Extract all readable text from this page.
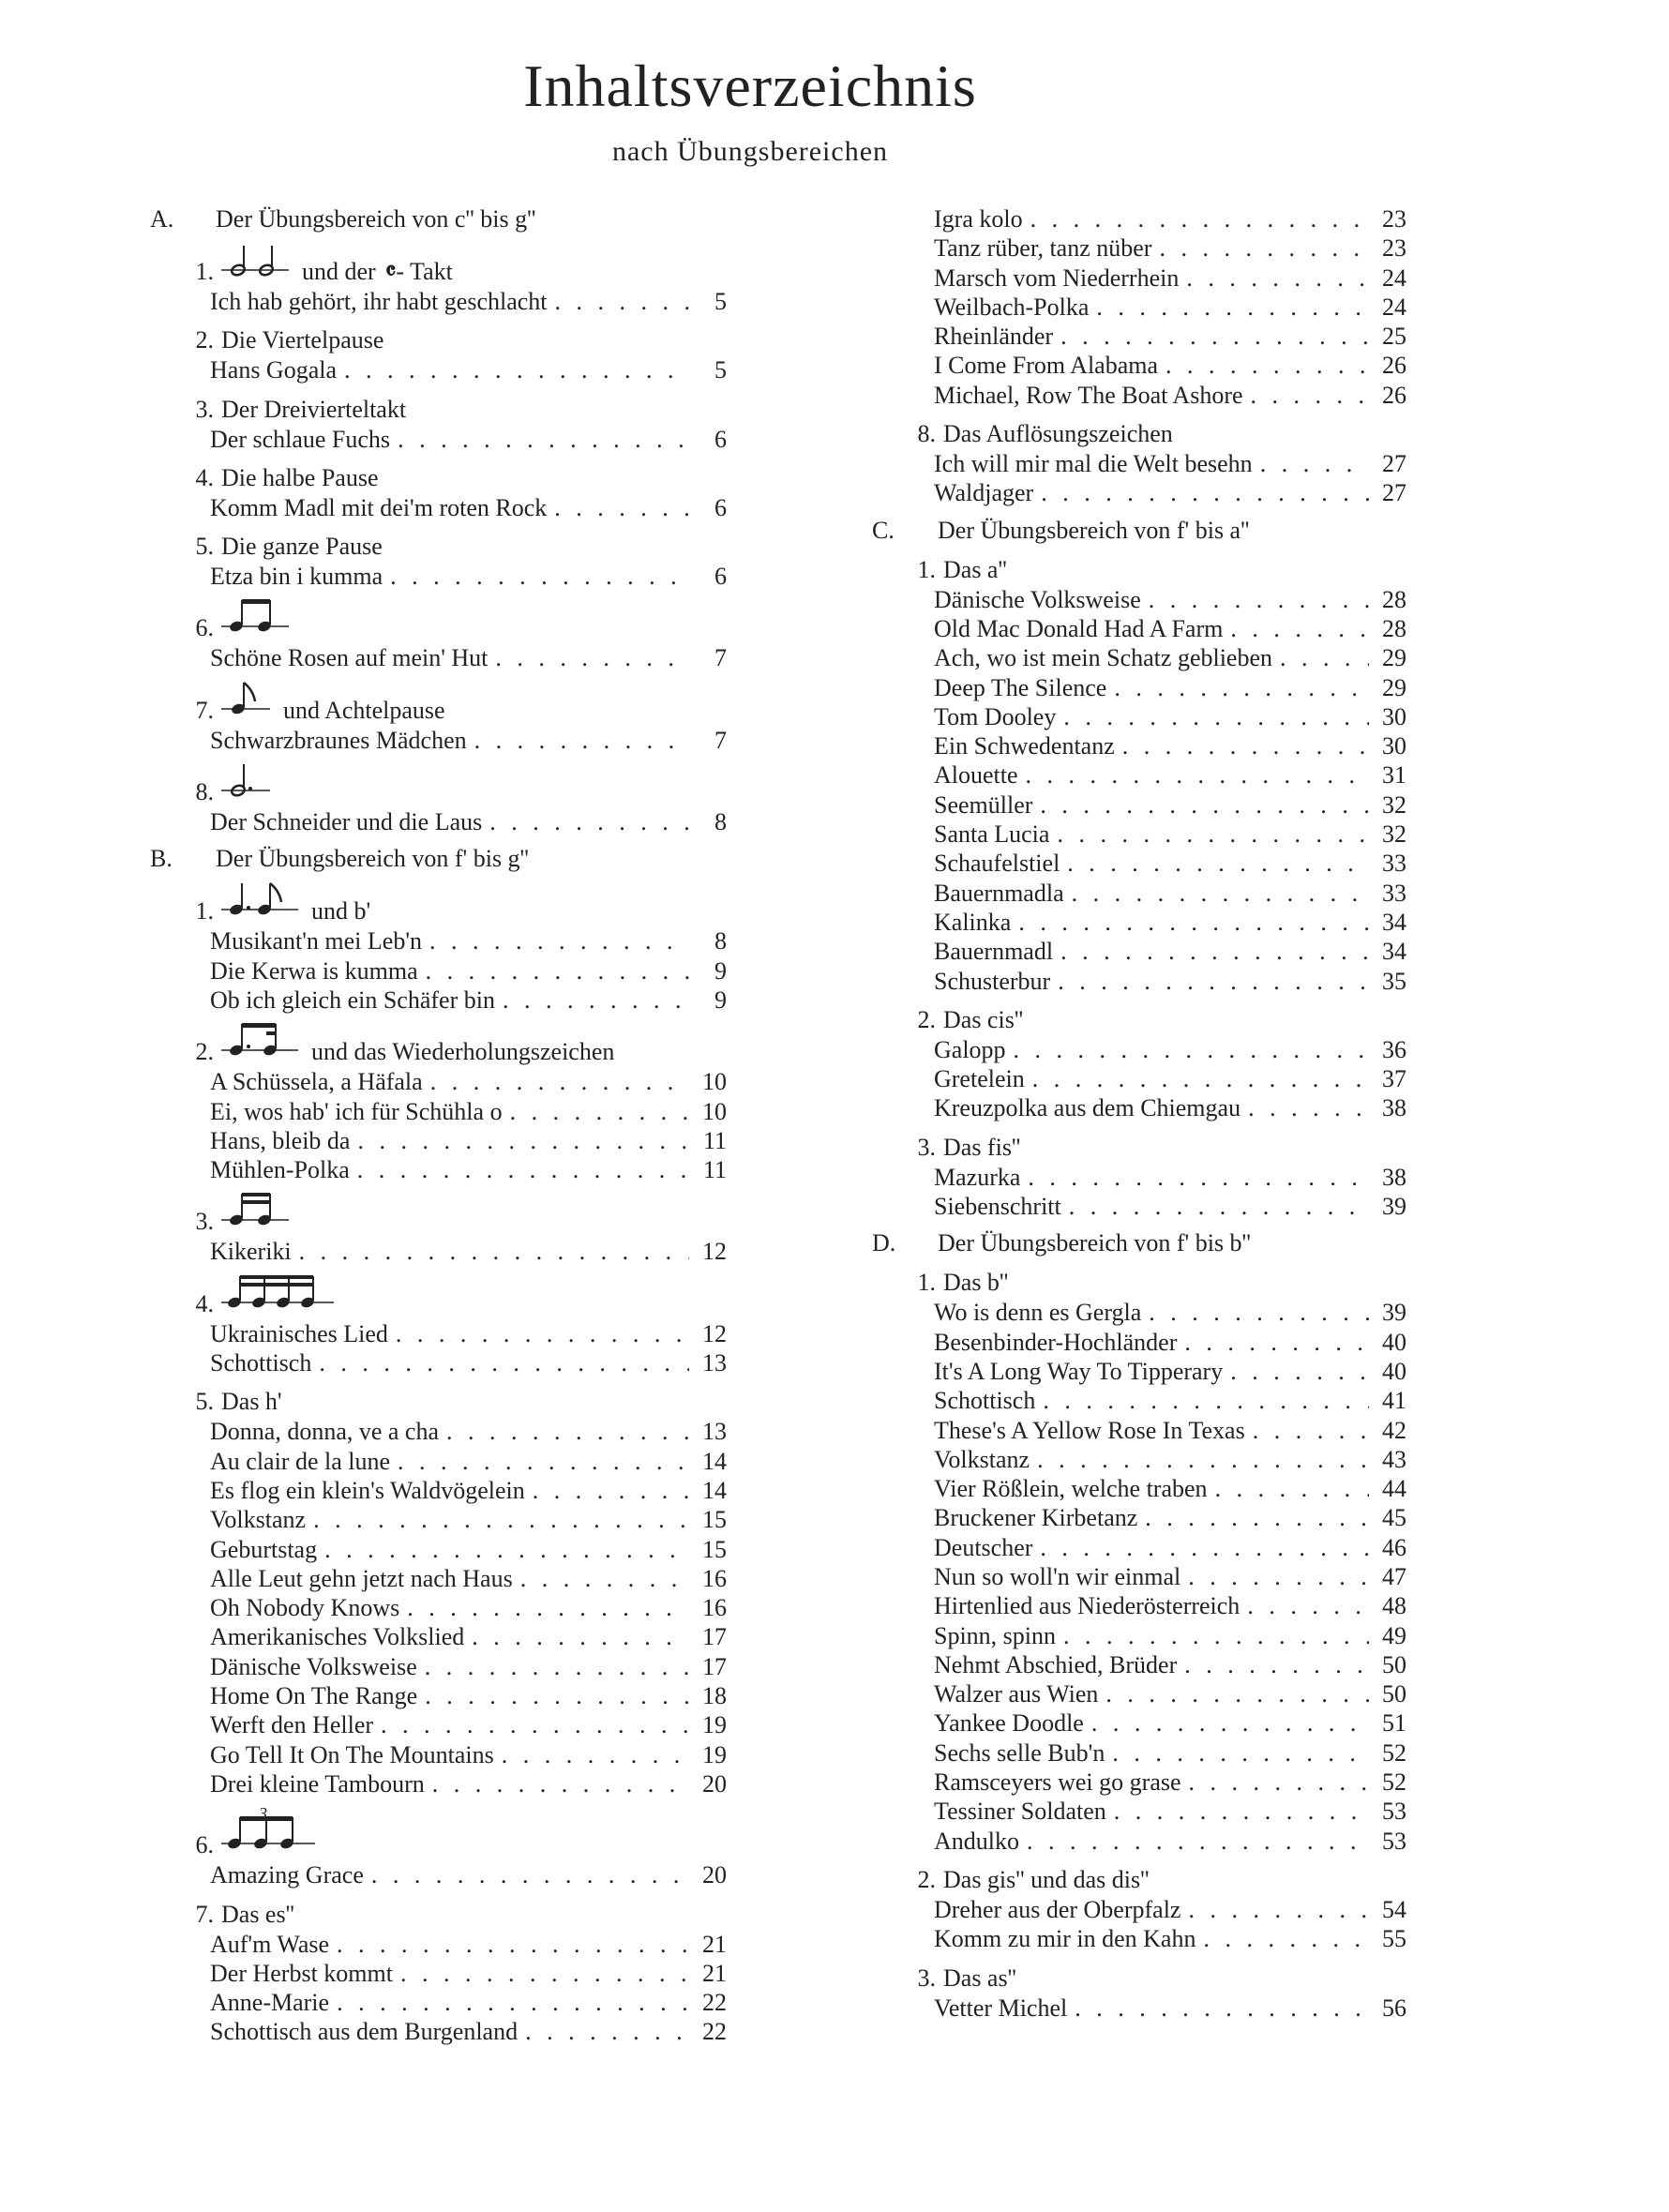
Inhaltsverzeichnis
nach Übungsbereichen
A. Der Übungsbereich von c'' bis g''
1.	und der 𝄴 - Takt
Ich hab gehört, ihr habt geschlacht . . .	5
2. Die Viertelpause
Hans Gogala . . .	5
3. Der Dreivierteltakt
Der schlaue Fuchs . . .	6
4. Die halbe Pause
Komm Madl mit dei'm roten Rock . . .	6
5. Die ganze Pause
Etza bin i kumma . . .	6
6.
Schöne Rosen auf mein' Hut . . .	7
7.	und Achtelpause
Schwarzbraunes Mädchen . . .	7
8.
Der Schneider und die Laus . . .	8
B. Der Übungsbereich von f' bis g''
1.	und b'
Musikant'n mei Leb'n . . .	8
Die Kerwa is kumma . . .	9
Ob ich gleich ein Schäfer bin . . .	9
2.	und das Wiederholungszeichen
A Schüssela, a Häfala . . .	10
Ei, wos hab' ich für Schühla o . . .	10
Hans, bleib da . . .	11
Mühlen-Polka . . .	11
3.
Kikeriki . . .	12
4.
Ukrainisches Lied . . .	12
Schottisch . . .	13
5. Das h'
Donna, donna, ve a cha . . .	13
Au clair de la lune . . .	14
Es flog ein klein's Waldvögelein . . .	14
Volkstanz . . .	15
Geburtstag . . .	15
Alle Leut gehn jetzt nach Haus . . .	16
Oh Nobody Knows . . .	16
Amerikanisches Volkslied . . .	17
Dänische Volksweise . . .	17
Home On The Range . . .	18
Werft den Heller . . .	19
Go Tell It On The Mountains . . .	19
Drei kleine Tambourn . . .	20
6.
3
Amazing Grace . . .	20
7. Das es''
Auf'm Wase . . .	21
Der Herbst kommt . . .	21
Anne-Marie . . .	22
Schottisch aus dem Burgenland . . .	22
Igra kolo . . .	23
Tanz rüber, tanz nüber . . .	23
Marsch vom Niederrhein . . .	24
Weilbach-Polka . . .	24
Rheinländer . . .	25
I Come From Alabama . . .	26
Michael, Row The Boat Ashore . . .	26
8. Das Auflösungszeichen
Ich will mir mal die Welt besehn . . .	27
Waldjager . . .	27
C. Der Übungsbereich von f' bis a''
1. Das a''
Dänische Volksweise . . .	28
Old Mac Donald Had A Farm . . .	28
Ach, wo ist mein Schatz geblieben . . .	29
Deep The Silence . . .	29
Tom Dooley . . .	30
Ein Schwedentanz . . .	30
Alouette . . .	31
Seemüller . . .	32
Santa Lucia . . .	32
Schaufelstiel . . .	33
Bauernmadla . . .	33
Kalinka . . .	34
Bauernmadl . . .	34
Schusterbur . . .	35
2. Das cis''
Galopp . . .	36
Gretelein . . .	37
Kreuzpolka aus dem Chiemgau . . .	38
3. Das fis''
Mazurka . . .	38
Siebenschritt . . .	39
D. Der Übungsbereich von f' bis b''
1. Das b''
Wo is denn es Gergla . . .	39
Besenbinder-Hochländer . . .	40
It's A Long Way To Tipperary . . .	40
Schottisch . . .	41
These's A Yellow Rose In Texas . . .	42
Volkstanz . . .	43
Vier Rößlein, welche traben . . .	44
Bruckener Kirbetanz . . .	45
Deutscher . . .	46
Nun so woll'n wir einmal . . .	47
Hirtenlied aus Niederösterreich . . .	48
Spinn, spinn . . .	49
Nehmt Abschied, Brüder . . .	50
Walzer aus Wien . . .	50
Yankee Doodle . . .	51
Sechs selle Bub'n . . .	52
Ramsceyers wei go grase . . .	52
Tessiner Soldaten . . .	53
Andulko . . .	53
2. Das gis'' und das dis''
Dreher aus der Oberpfalz . . .	54
Komm zu mir in den Kahn . . .	55
3. Das as''
Vetter Michel . . .	56
